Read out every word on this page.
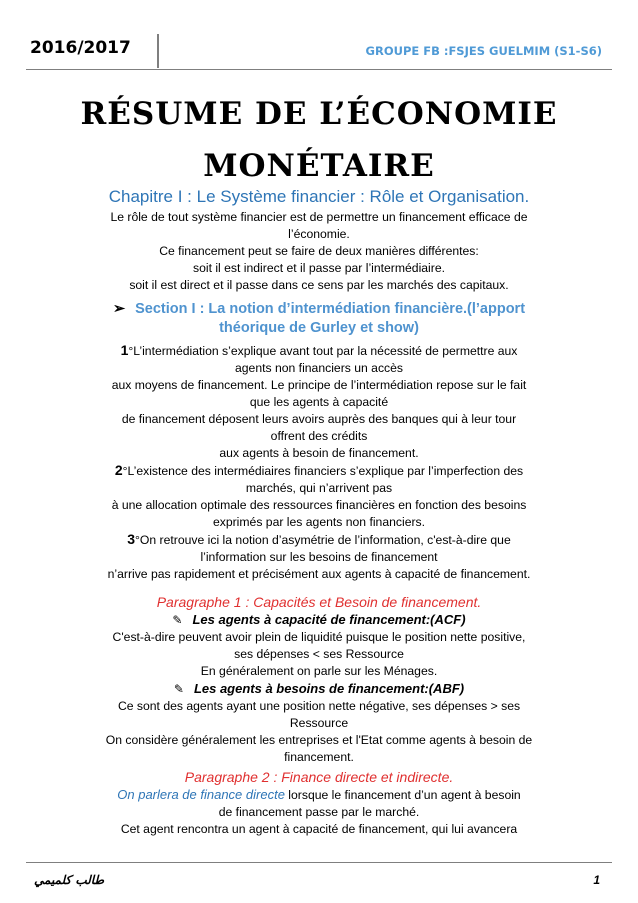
2016/2017	GROUPE FB :FSJES GUELMIM (S1-S6)
RÉSUME DE L’ÉCONOMIE
MONÉTAIRE
Chapitre I : Le Système financier : Rôle et Organisation.

Le rôle de tout système financier est de permettre un financement efficace de

l’économie.

Ce financement peut se faire de deux manières différentes:

soit il est indirect et il passe par l’intermédiaire.

soit il est direct et il passe dans ce sens par les marchés des capitaux.

➢ Section I : La notion d’intermédiation financière.(l’apport
théorique de Gurley et show)

1°L’intermédiation s’explique avant tout par la nécessité de permettre aux

agents non financiers un accès

aux moyens de financement. Le principe de l’intermédiation repose sur le fait

que les agents à capacité

de financement déposent leurs avoirs auprès des banques qui à leur tour

offrent des crédits

aux agents à besoin de financement.

2°L’existence des intermédiaires financiers s’explique par l’imperfection des

marchés, qui n’arrivent pas

à une allocation optimale des ressources financières en fonction des besoins

exprimés par les agents non financiers.

3°On retrouve ici la notion d’asymétrie de l’information, c'est-à-dire que

l’information sur les besoins de financement

n’arrive pas rapidement et précisément aux agents à capacité de financement.

Paragraphe 1 : Capacités et Besoin de financement.

✎ Les agents à capacité de financement:(ACF)

C'est-à-dire peuvent avoir plein de liquidité puisque le position nette positive,

ses dépenses < ses Ressource

En généralement on parle sur les Ménages.

✎ Les agents à besoins de financement:(ABF)

Ce sont des agents ayant une position nette négative, ses dépenses > ses

Ressource

On considère généralement les entreprises et l'Etat comme agents à besoin de

financement.

Paragraphe 2 : Finance directe et indirecte.

On parlera de finance directe lorsque le financement d’un agent à besoin

de financement passe par le marché.

Cet agent rencontra un agent à capacité de financement, qui lui avancera

طالب كلميمي	1
